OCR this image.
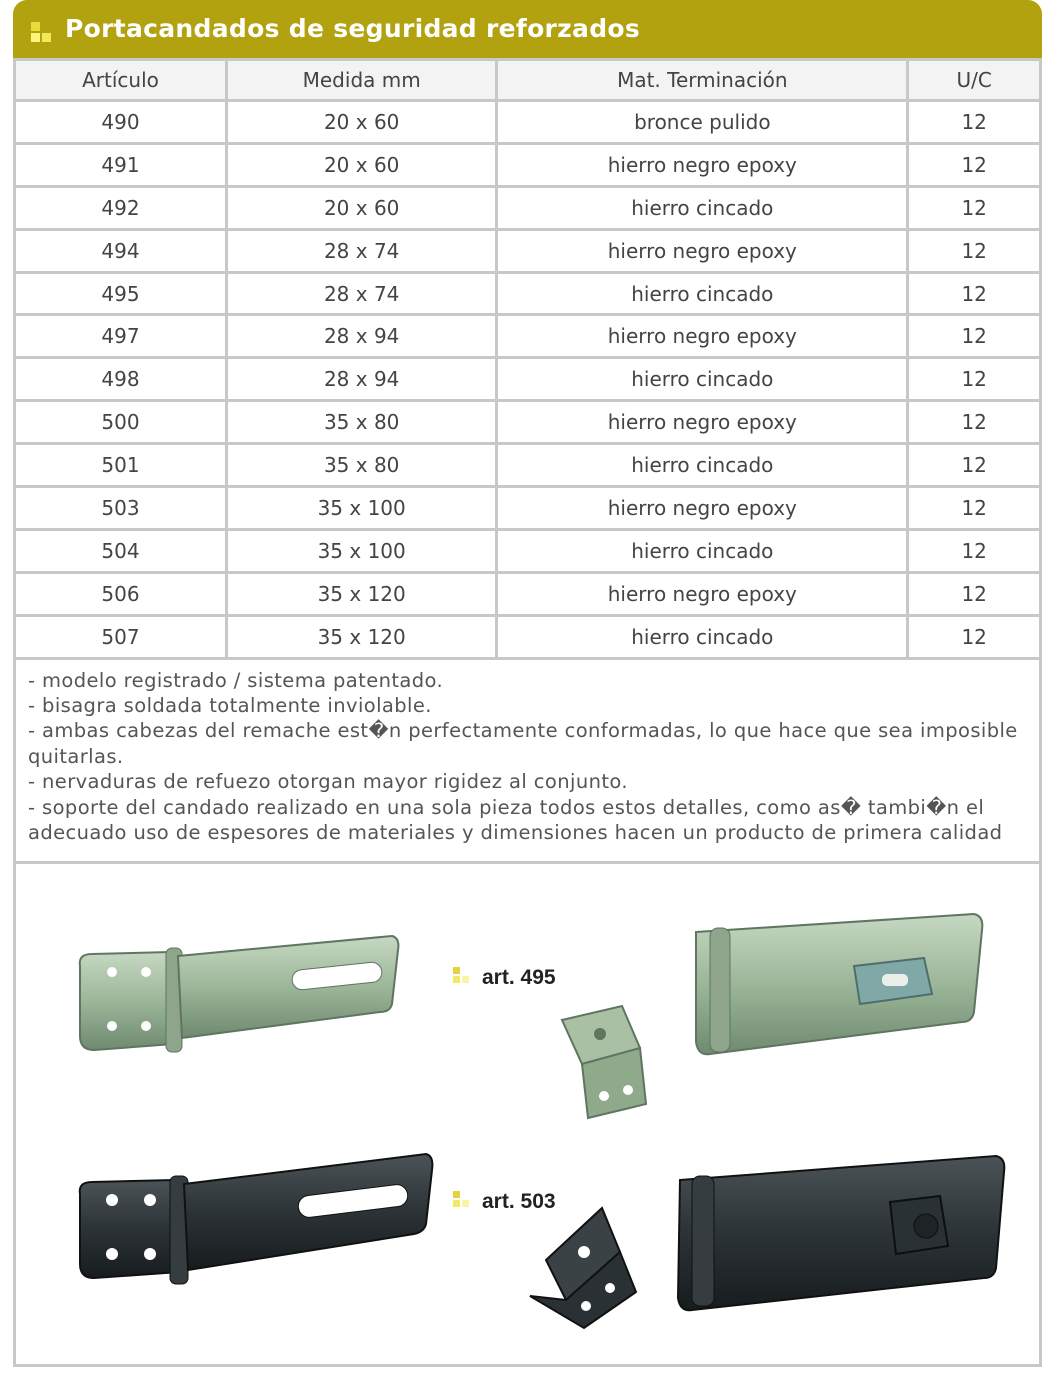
Portacandados de seguridad reforzados
Artículo	Medida mm	Mat. Terminación	U/C
490	20 x 60	bronce pulido	12
491	20 x 60	hierro negro epoxy	12
492	20 x 60	hierro cincado	12
494	28 x 74	hierro negro epoxy	12
495	28 x 74	hierro cincado	12
497	28 x 94	hierro negro epoxy	12
498	28 x 94	hierro cincado	12
500	35 x 80	hierro negro epoxy	12
501	35 x 80	hierro cincado	12
503	35 x 100	hierro negro epoxy	12
504	35 x 100	hierro cincado	12
506	35 x 120	hierro negro epoxy	12
507	35 x 120	hierro cincado	12

- modelo registrado / sistema patentado.

- bisagra soldada totalmente inviolable.

- ambas cabezas del remache est�n perfectamente conformadas, lo que hace que sea imposible quitarlas.

- nervaduras de refuezo otorgan mayor rigidez al conjunto.

- soporte del candado realizado en una sola pieza todos estos detalles, como as� tambi�n el adecuado uso de espesores de materiales y dimensiones hacen un producto de primera calidad

art. 495
art. 503
